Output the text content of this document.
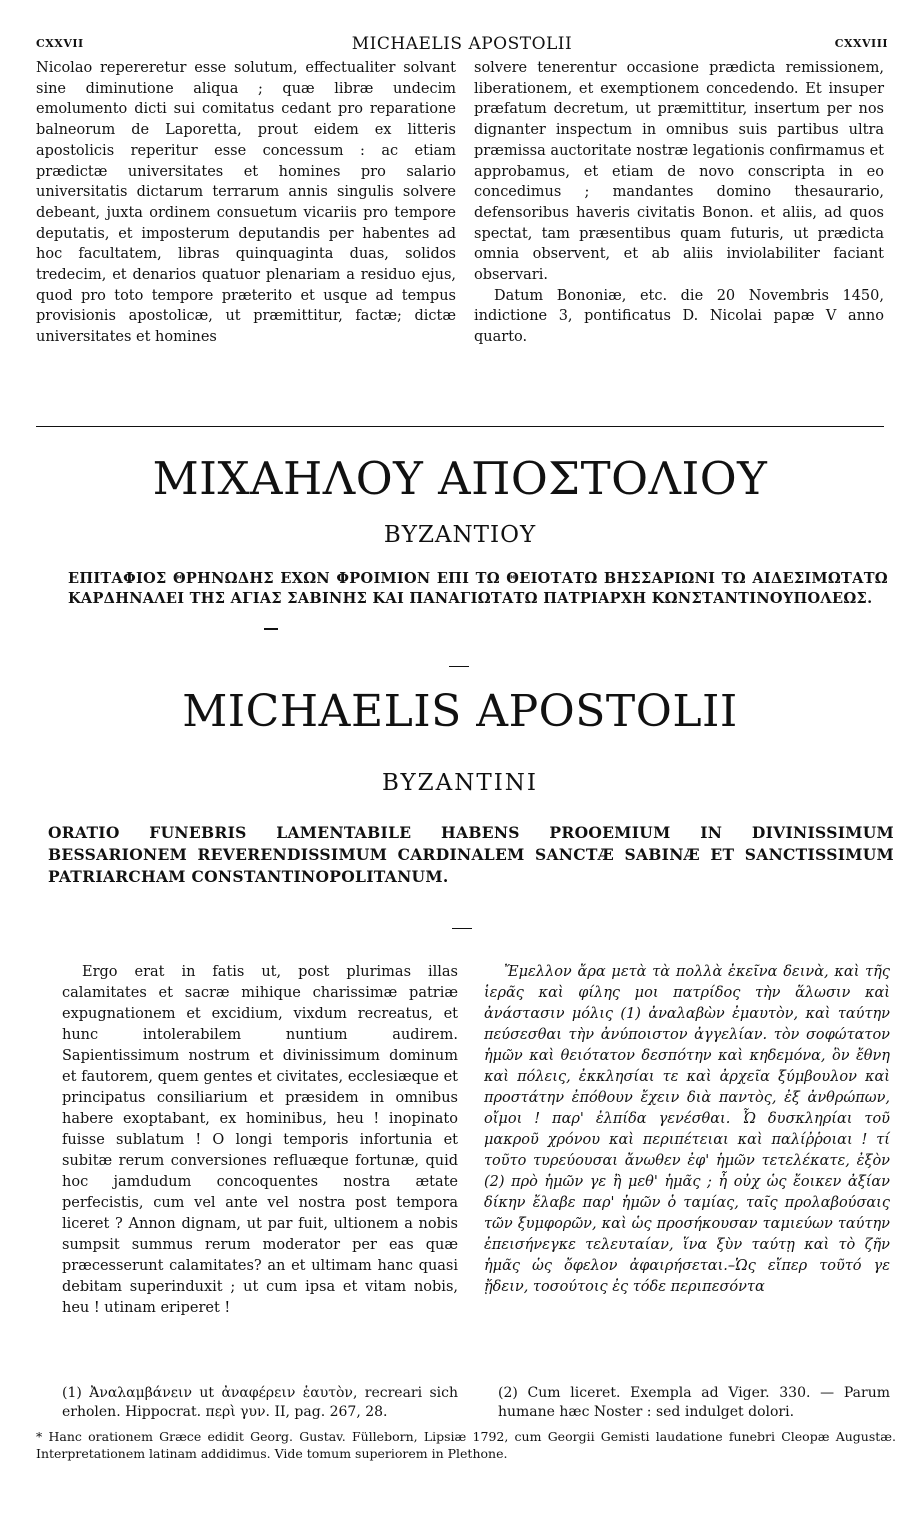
CXXVII	MICHAELIS APOSTOLII	CXXVIII

Nicolao repereretur esse solutum, effectualiter solvant sine diminutione aliqua ; quæ libræ undecim emolumento dicti sui comitatus cedant pro reparatione balneorum de Laporetta, prout eidem ex litteris apostolicis reperitur esse concessum : ac etiam prædictæ universitates et homines pro salario universitatis dictarum terrarum annis singulis solvere debeant, juxta ordinem consuetum vicariis pro tempore deputatis, et imposterum deputandis per habentes ad hoc facultatem, libras quinquaginta duas, solidos tredecim, et denarios quatuor plenariam a residuo ejus, quod pro toto tempore præterito et usque ad tempus provisionis apostolicæ, ut præmittitur, factæ; dictæ universitates et homines

solvere tenerentur occasione prædicta remissionem, liberationem, et exemptionem concedendo. Et insuper præfatum decretum, ut præmittitur, insertum per nos dignanter inspectum in omnibus suis partibus ultra præmissa auctoritate nostræ legationis confirmamus et approbamus, et etiam de novo conscripta in eo concedimus ; mandantes domino thesaurario, defensoribus haveris civitatis Bonon. et aliis, ad quos spectat, tam præsentibus quam futuris, ut prædicta omnia observent, et ab aliis inviolabiliter faciant observari.

Datum Bononiæ, etc. die 20 Novembris 1450, indictione 3, pontificatus D. Nicolai papæ V anno quarto.

ΜΙΧΑΗΛΟΥ ΑΠΟΣΤΟΛΙΟΥ
ΒΥΖΑΝΤΙΟΥ
ΕΠΙΤΑΦΙΟΣ ΘΡΗΝΩΔΗΣ ΕΧΩΝ ΦΡΟΙΜΙΟΝ ΕΠΙ ΤΩ ΘΕΙΟΤΑΤΩ ΒΗΣΣΑΡΙΩΝΙ ΤΩ ΑΙΔΕΣΙΜΩΤΑΤΩ ΚΑΡΔΗΝΑΛΕΙ ΤΗΣ ΑΓΙΑΣ ΣΑΒΙΝΗΣ ΚΑΙ ΠΑΝΑΓΙΩΤΑΤΩ ΠΑΤΡΙΑΡΧΗ ΚΩΝΣΤΑΝΤΙΝΟΥΠΟΛΕΩΣ.
MICHAELIS APOSTOLII
BYZANTINI
ORATIO FUNEBRIS LAMENTABILE HABENS PROOEMIUM IN DIVINISSIMUM BESSARIONEM REVERENDISSIMUM CARDINALEM SANCTÆ SABINÆ ET SANCTISSIMUM PATRIARCHAM CONSTANTINOPOLITANUM.

Ergo erat in fatis ut, post plurimas illas calamitates et sacræ mihique charissimæ patriæ expugnationem et excidium, vixdum recreatus, et hunc intolerabilem nuntium audirem. Sapientissimum nostrum et divinissimum dominum et fautorem, quem gentes et civitates, ecclesiæque et principatus consiliarium et præsidem in omnibus habere exoptabant, ex hominibus, heu ! inopinato fuisse sublatum ! O longi temporis infortunia et subitæ rerum conversiones refluæque fortunæ, quid hoc jamdudum concoquentes nostra ætate perfecistis, cum vel ante vel nostra post tempora liceret ? Annon dignam, ut par fuit, ultionem a nobis sumpsit summus rerum moderator per eas quæ præcesserunt calamitates? an et ultimam hanc quasi debitam superinduxit ; ut cum ipsa et vitam nobis, heu ! utinam eriperet !

Ἔμελλον ἄρα μετὰ τὰ πολλὰ ἐκεῖνα δεινὰ, καὶ τῆς ἱερᾶς καὶ φίλης μοι πατρίδος τὴν ἅλωσιν καὶ ἀνάστασιν μόλις (1) ἀναλαβὼν ἐμαυτὸν, καὶ ταύτην πεύσεσθαι τὴν ἀνύποιστον ἀγγελίαν. τὸν σοφώτατον ἡμῶν καὶ θειότατον δεσπότην καὶ κηδεμόνα, ὃν ἔθνη καὶ πόλεις, ἐκκλησίαι τε καὶ ἀρχεῖα ξύμβουλον καὶ προστάτην ἐπόθουν ἔχειν διὰ παντὸς, ἐξ ἀνθρώπων, οἴμοι ! παρ' ἐλπίδα γενέσθαι. Ὦ δυσκληρίαι τοῦ μακροῦ χρόνου καὶ περιπέτειαι καὶ παλίῤῥοιαι ! τί τοῦτο τυρεύουσαι ἄνωθεν ἐφ' ἡμῶν τετελέκατε, ἐξὸν (2) πρὸ ἡμῶν γε ἢ μεθ' ἡμᾶς ; ἦ οὐχ ὡς ἔοικεν ἀξίαν δίκην ἔλαβε παρ' ἡμῶν ὁ ταμίας, ταῖς προλαβούσαις τῶν ξυμφορῶν, καὶ ὡς προσήκουσαν ταμιεύων ταύτην ἐπεισήνεγκε τελευταίαν, ἵνα ξὺν ταύτῃ καὶ τὸ ζῆν ἡμᾶς ὡς ὄφελον ἀφαιρήσεται.–Ὡς εἴπερ τοῦτό γε ᾔδειν, τοσούτοις ἐς τόδε περιπεσόντα

(1) Ἀναλαμβάνειν ut ἀναφέρειν ἑαυτὸν, recreari sich erholen. Hippocrat. περὶ γυν. II, pag. 267, 28.
(2) Cum liceret. Exempla ad Viger. 330. — Parum humane hæc Noster : sed indulget dolori.
* Hanc orationem Græce edidit Georg. Gustav. Fülleborn, Lipsiæ 1792, cum Georgii Gemisti laudatione funebri Cleopæ Augustæ. Interpretationem latinam addidimus. Vide tomum superiorem in Plethone.
